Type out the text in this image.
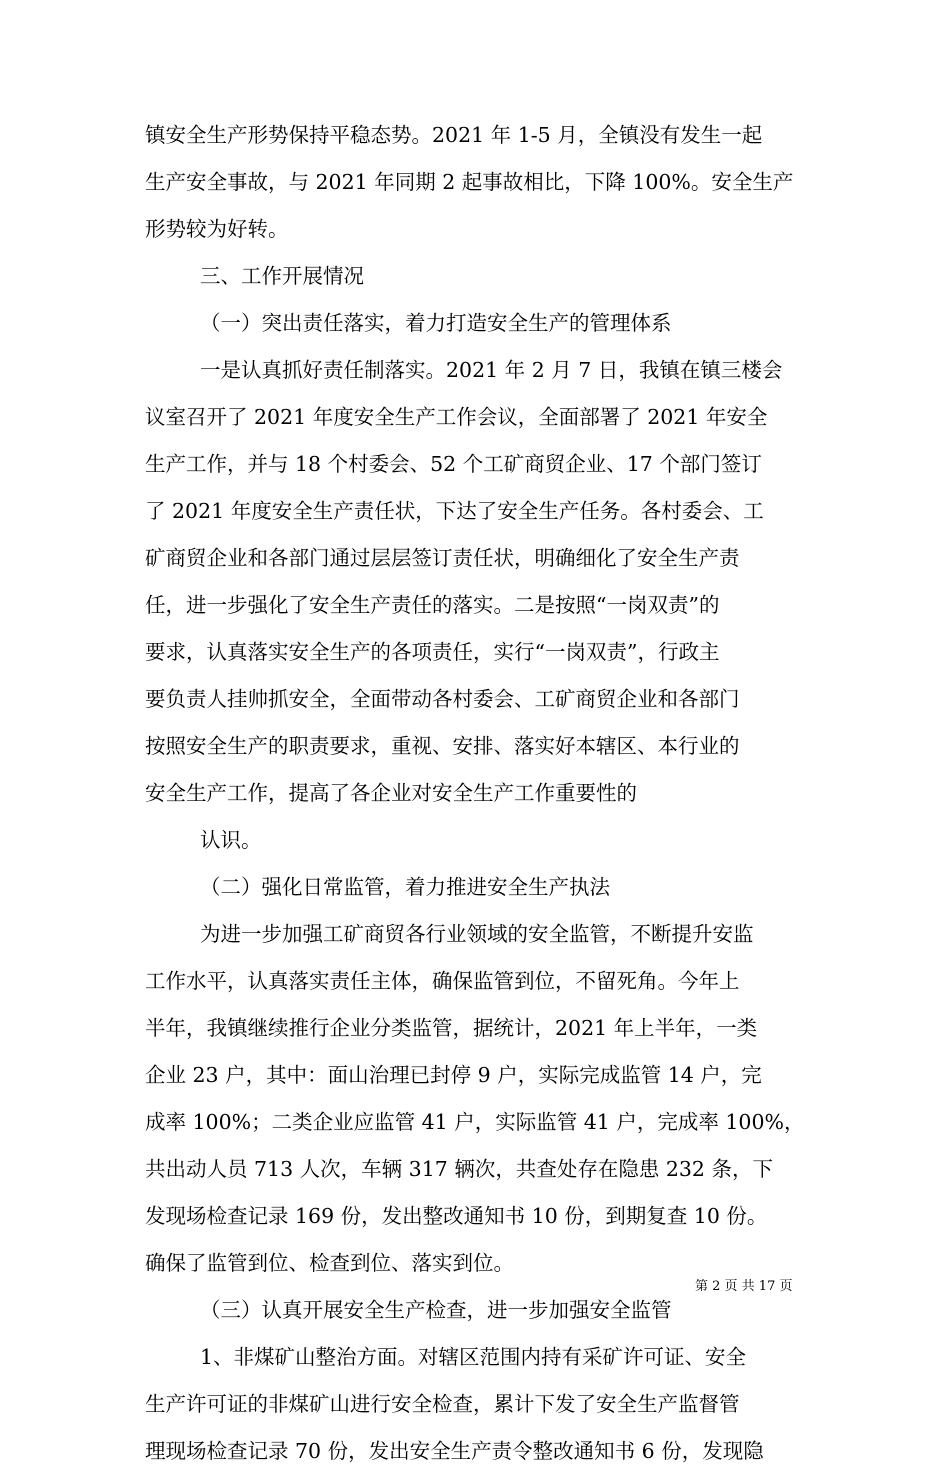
镇安全生产形势保持平稳态势。2021 年 1-5 月，全镇没有发生一起
生产安全事故，与 2021 年同期 2 起事故相比，下降 100%。安全生产
形势较为好转。
三、工作开展情况
（一）突出责任落实，着力打造安全生产的管理体系
一是认真抓好责任制落实。2021 年 2 月 7 日，我镇在镇三楼会
议室召开了 2021 年度安全生产工作会议，全面部署了 2021 年安全
生产工作，并与 18 个村委会、52 个工矿商贸企业、17 个部门签订
了 2021 年度安全生产责任状，下达了安全生产任务。各村委会、工
矿商贸企业和各部门通过层层签订责任状，明确细化了安全生产责
任，进一步强化了安全生产责任的落实。二是按照“一岗双责”的
要求，认真落实安全生产的各项责任，实行“一岗双责”，行政主
要负责人挂帅抓安全，全面带动各村委会、工矿商贸企业和各部门
按照安全生产的职责要求，重视、安排、落实好本辖区、本行业的
安全生产工作，提高了各企业对安全生产工作重要性的
认识。
（二）强化日常监管，着力推进安全生产执法
为进一步加强工矿商贸各行业领域的安全监管，不断提升安监
工作水平，认真落实责任主体，确保监管到位，不留死角。今年上
半年，我镇继续推行企业分类监管，据统计，2021 年上半年，一类
企业 23 户，其中：面山治理已封停 9 户，实际完成监管 14 户，完
成率 100%；二类企业应监管 41 户，实际监管 41 户，完成率 100%，
共出动人员 713 人次，车辆 317 辆次，共查处存在隐患 232 条，下
发现场检查记录 169 份，发出整改通知书 10 份，到期复查 10 份。
确保了监管到位、检查到位、落实到位。
（三）认真开展安全生产检查，进一步加强安全监管
1、非煤矿山整治方面。对辖区范围内持有采矿许可证、安全
生产许可证的非煤矿山进行安全检查，累计下发了安全生产监督管
理现场检查记录 70 份，发出安全生产责令整改通知书 6 份，发现隐
第 2 页 共 17 页
